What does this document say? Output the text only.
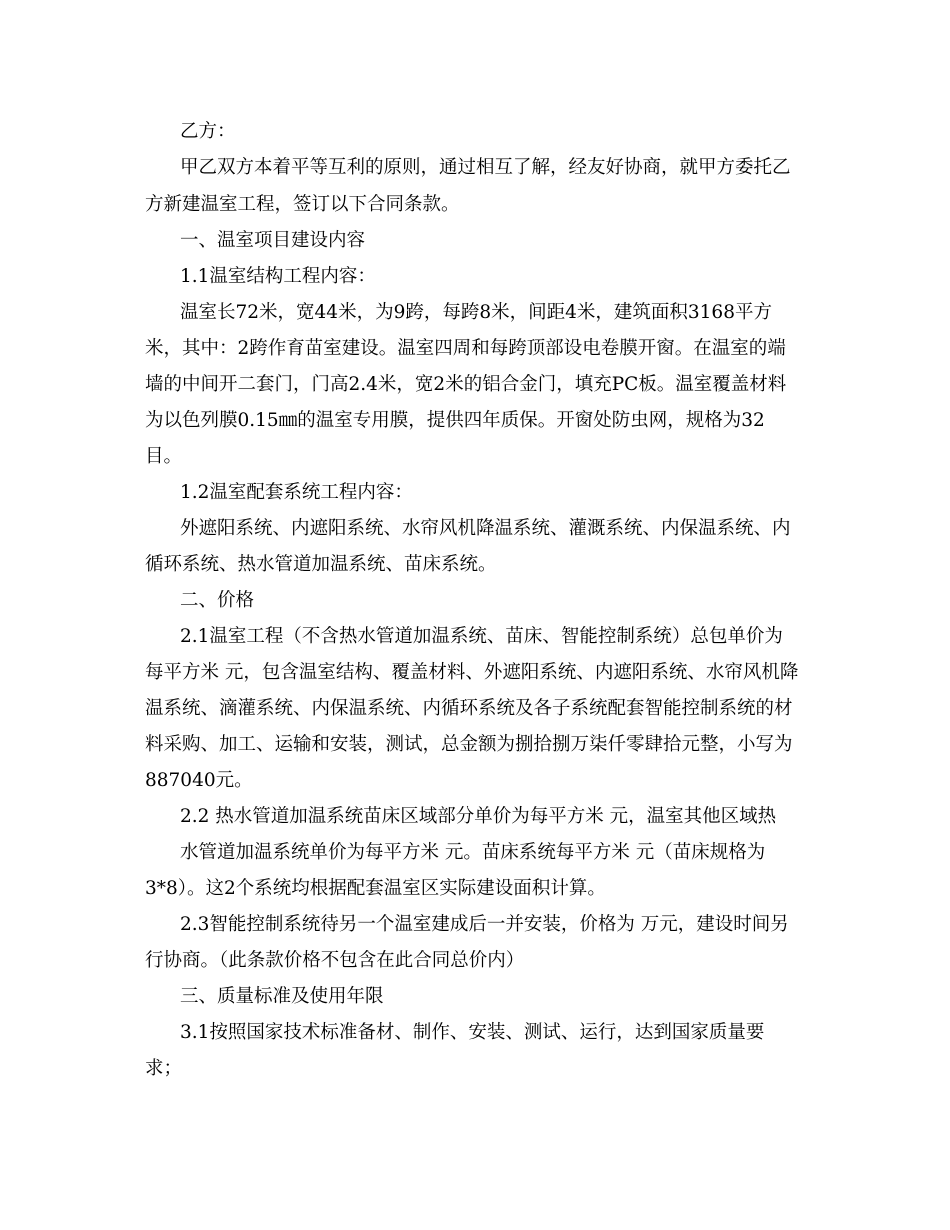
乙方：
甲乙双方本着平等互利的原则，通过相互了解，经友好协商，就甲方委托乙
方新建温室工程，签订以下合同条款。
一、温室项目建设内容
1.1温室结构工程内容：
温室长72米，宽44米，为9跨，每跨8米，间距4米，建筑面积3168平方
米，其中：2跨作育苗室建设。温室四周和每跨顶部设电卷膜开窗。在温室的端
墙的中间开二套门，门高2.4米，宽2米的铝合金门，填充PC板。温室覆盖材料
为以色列膜0.15㎜的温室专用膜，提供四年质保。开窗处防虫网，规格为32
目。
1.2温室配套系统工程内容：
外遮阳系统、内遮阳系统、水帘风机降温系统、灌溉系统、内保温系统、内
循环系统、热水管道加温系统、苗床系统。
二、价格
2.1温室工程（不含热水管道加温系统、苗床、智能控制系统）总包单价为
每平方米 元，包含温室结构、覆盖材料、外遮阳系统、内遮阳系统、水帘风机降
温系统、滴灌系统、内保温系统、内循环系统及各子系统配套智能控制系统的材
料采购、加工、运输和安装，测试，总金额为捌拾捌万柒仟零肆拾元整，小写为
887040元。
2.2 热水管道加温系统苗床区域部分单价为每平方米 元，温室其他区域热
水管道加温系统单价为每平方米 元。苗床系统每平方米 元（苗床规格为
3*8）。这2个系统均根据配套温室区实际建设面积计算。
2.3智能控制系统待另一个温室建成后一并安装，价格为 万元，建设时间另
行协商。（此条款价格不包含在此合同总价内）
三、质量标准及使用年限
3.1按照国家技术标准备材、制作、安装、测试、运行，达到国家质量要
求；
